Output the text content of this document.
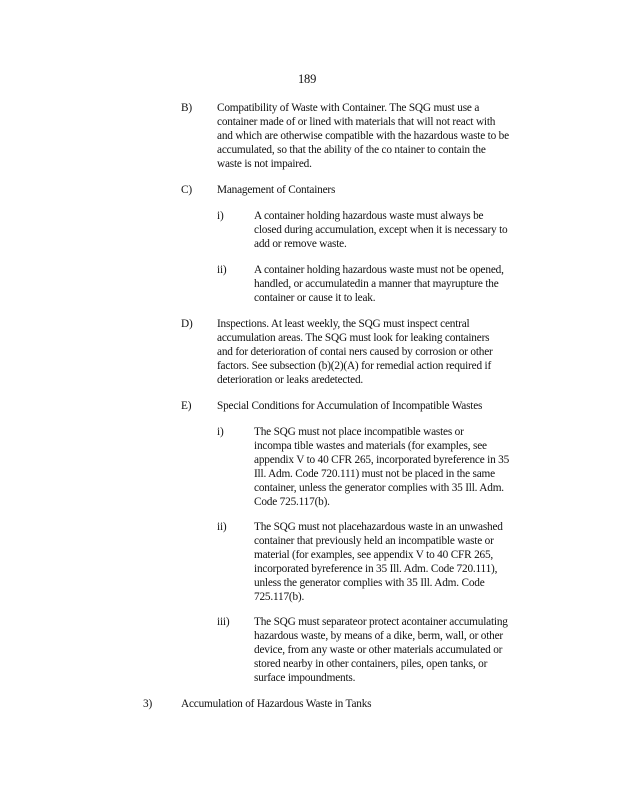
189
B) Compatibility of Waste with Container. The SQG must use a
container made of or lined with materials that will not react with
and which are otherwise compatible with the hazardous waste to be
accumulated, so that the ability of the co ntainer to contain the
waste is not impaired.
C) Management of Containers
i)	A container holding hazardous waste must always be
closed during accumulation, except when it is necessary to
add or remove waste.
ii) A container holding hazardous waste must not be opened,
handled, or accumulatedin a manner that mayrupture the
container or cause it to leak.
D) Inspections. At least weekly, the SQG must inspect central
accumulation areas. The SQG must look for leaking containers
and for deterioration of contai ners caused by corrosion or other
factors. See subsection (b)(2)(A) for remedial action required if
deterioration or leaks aredetected.
E) Special Conditions for Accumulation of Incompatible Wastes
i)	The SQG must not place incompatible wastes or
incompa tible wastes and materials (for examples, see
appendix V to 40 CFR 265, incorporated byreference in 35
Ill. Adm. Code 720.111) must not be placed in the same
container, unless the generator complies with 35 Ill. Adm.
Code 725.117(b).
ii) The SQG must not placehazardous waste in an unwashed
container that previously held an incompatible waste or
material (for examples, see appendix V to 40 CFR 265,
incorporated byreference in 35 Ill. Adm. Code 720.111),
unless the generator complies with 35 Ill. Adm. Code
725.117(b).
iii) The SQG must separateor protect acontainer accumulating
hazardous waste, by means of a dike, berm, wall, or other
device, from any waste or other materials accumulated or
stored nearby in other containers, piles, open tanks, or
surface impoundments.
3)	Accumulation of Hazardous Waste in Tanks
